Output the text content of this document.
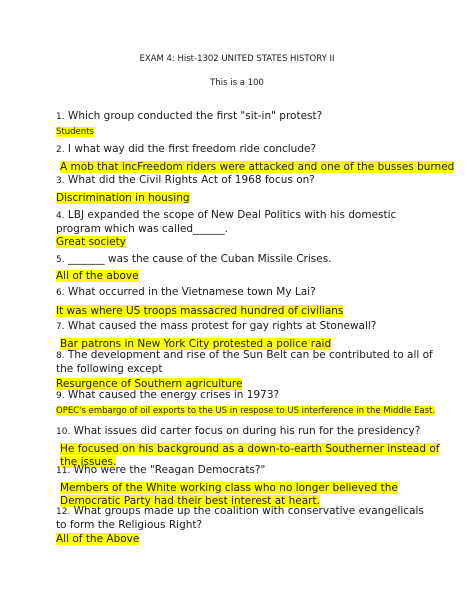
EXAM 4: Hist-1302 UNITED STATES HISTORY II
This is a 100
1. Which group conducted the first "sit-in" protest?
Students
2. I what way did the first freedom ride conclude?
A mob that incFreedom riders were attacked and one of the busses burned
3. What did the Civil Rights Act of 1968 focus on?
Discrimination in housing
4. LBJ expanded the scope of New Deal Politics with his domestic program which was called______.
Great society
5. _______ was the cause of the Cuban Missile Crises.
All of the above
6. What occurred in the Vietnamese town My Lai?
It was where US troops massacred hundred of civilians
7. What caused the mass protest for gay rights at Stonewall?
Bar patrons in New York City protested a police raid
8. The development and rise of the Sun Belt can be contributed to all of the following except
Resurgence of Southern agriculture
9. What caused the energy crises in 1973?
OPEC's embargo of oil exports to the US in respose to US interference in the Middle East.
10. What issues did carter focus on during his run for the presidency?
He focused on his background as a down-to-earth Southerner instead of the issues.
11. Who were the "Reagan Democrats?"
Members of the White working class who no longer believed the Democratic Party had their best interest at heart.
12. What groups made up the coalition with conservative evangelicals to form the Religious Right?
All of the Above
